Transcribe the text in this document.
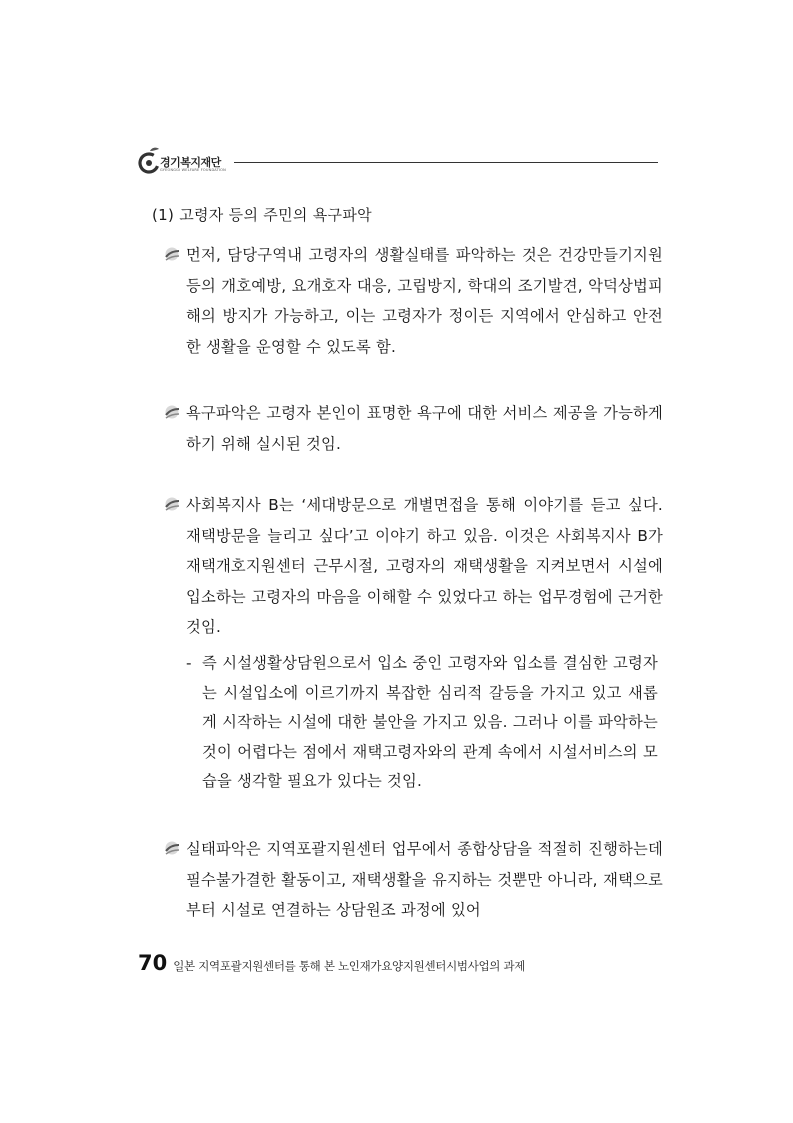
경기복지재단
GYEONGGI WELFARE FOUNDATION
(1) 고령자 등의 주민의 욕구파악
먼저, 담당구역내 고령자의 생활실태를 파악하는 것은 건강만들기지원 등의 개호예방, 요개호자 대응, 고립방지, 학대의 조기발견, 악덕상법피해의 방지가 가능하고, 이는 고령자가 정이든 지역에서 안심하고 안전한 생활을 운영할 수 있도록 함.
욕구파악은 고령자 본인이 표명한 욕구에 대한 서비스 제공을 가능하게 하기 위해 실시된 것임.
사회복지사 B는 ‘세대방문으로 개별면접을 통해 이야기를 듣고 싶다. 재택방문을 늘리고 싶다’고 이야기 하고 있음. 이것은 사회복지사 B가 재택개호지원센터 근무시절, 고령자의 재택생활을 지켜보면서 시설에 입소하는 고령자의 마음을 이해할 수 있었다고 하는 업무경험에 근거한 것임.
- 즉 시설생활상담원으로서 입소 중인 고령자와 입소를 결심한 고령자는 시설입소에 이르기까지 복잡한 심리적 갈등을 가지고 있고 새롭게 시작하는 시설에 대한 불안을 가지고 있음. 그러나 이를 파악하는 것이 어렵다는 점에서 재택고령자와의 관계 속에서 시설서비스의 모습을 생각할 필요가 있다는 것임.
실태파악은 지역포괄지원센터 업무에서 종합상담을 적절히 진행하는데 필수불가결한 활동이고, 재택생활을 유지하는 것뿐만 아니라, 재택으로부터 시설로 연결하는 상담원조 과정에 있어
70 일본 지역포괄지원센터를 통해 본 노인재가요양지원센터시범사업의 과제
